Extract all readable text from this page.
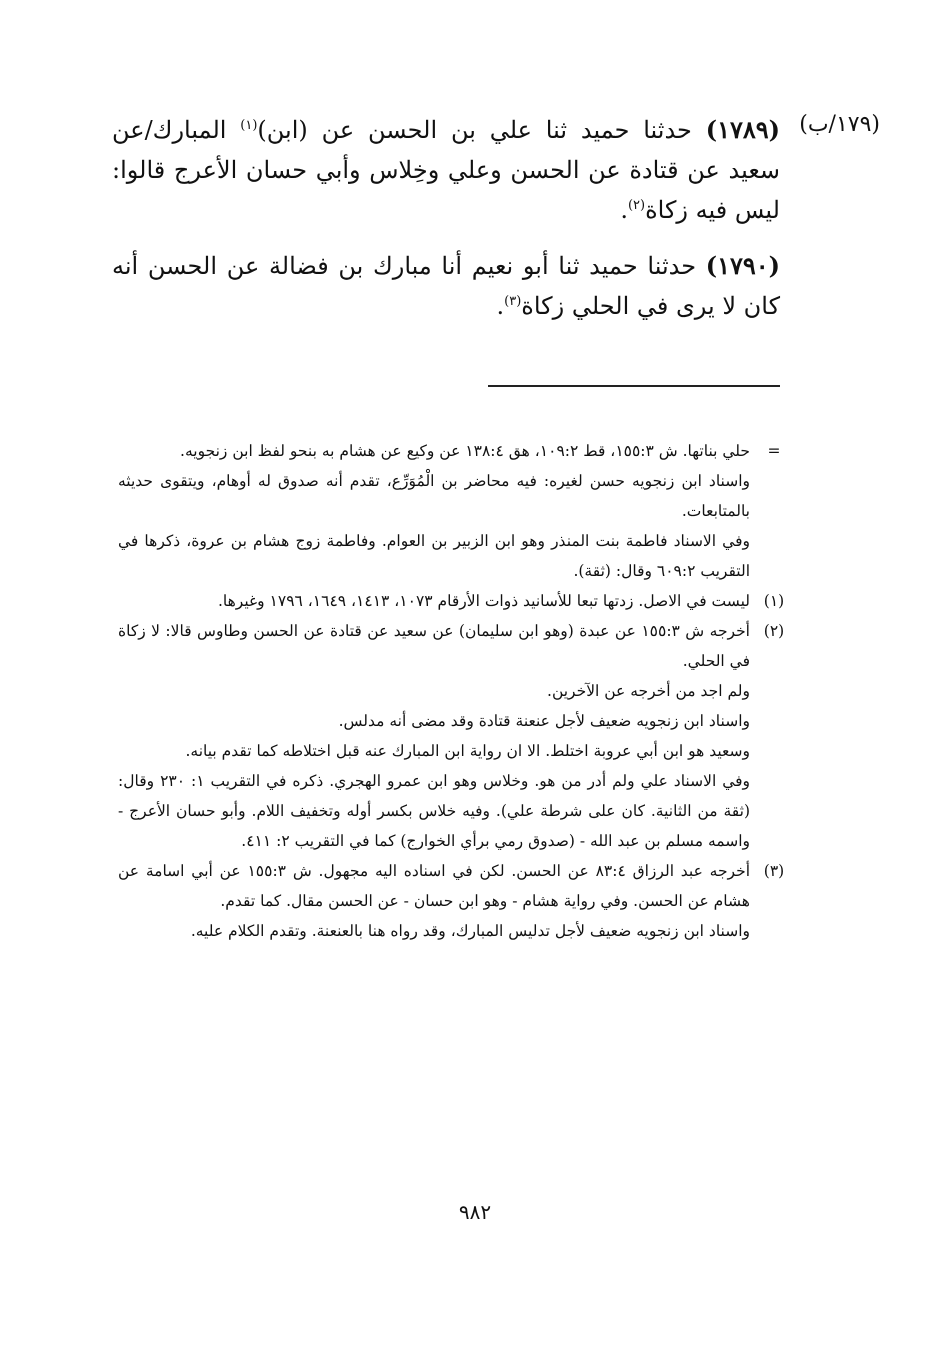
(١٧٩/ب)

(١٧٨٩) حدثنا حميد ثنا علي بن الحسن عن (ابن)$^{(١)}$ المبارك/عن سعيد عن قتادة عن الحسن وعلي وخِلاس وأبي حسان الأعرج قالوا: ليس فيه زكاة$^{(٢)}$.

(١٧٩٠) حدثنا حميد ثنا أبو نعيم أنا مبارك بن فضالة عن الحسن أنه كان لا يرى في الحلي زكاة$^{(٣)}$.

=
حلي بناتها. ش ١٥٥:٣، قط ١٠٩:٢، هق ١٣٨:٤ عن وكيع عن هشام به بنحو لفظ ابن زنجويه.
واسناد ابن زنجويه حسن لغيره: فيه محاضر بن الْمُوَرِّع، تقدم أنه صدوق له أوهام، ويتقوى حديثه بالمتابعات.
وفي الاسناد فاطمة بنت المنذر وهو ابن الزبير بن العوام. وفاطمة زوج هشام بن عروة، ذكرها في التقريب ٦٠٩:٢ وقال: (ثقة).
(١)
ليست في الاصل. زدتها تبعا للأسانيد ذوات الأرقام ١٠٧٣، ١٤١٣، ١٦٤٩، ١٧٩٦ وغيرها.
(٢)
أخرجه ش ١٥٥:٣ عن عبدة (وهو ابن سليمان) عن سعيد عن قتادة عن الحسن وطاوس قالا: لا زكاة في الحلي.
ولم اجد من أخرجه عن الآخرين.
واسناد ابن زنجويه ضعيف لأجل عنعنة قتادة وقد مضى أنه مدلس.
وسعيد هو ابن أبي عروبة اختلط. الا ان رواية ابن المبارك عنه قبل اختلاطه كما تقدم بيانه.
وفي الاسناد علي ولم أدر من هو. وخلاس وهو ابن عمرو الهجري. ذكره في التقريب ١: ٢٣٠ وقال: (ثقة من الثانية. كان على شرطة علي). وفيه خلاس بكسر أوله وتخفيف اللام. وأبو حسان الأعرج - واسمه مسلم بن عبد الله - (صدوق رمي برأي الخوارج) كما في التقريب ٢: ٤١١.
(٣)
أخرجه عبد الرزاق ٨٣:٤ عن الحسن. لكن في اسناده اليه مجهول. ش ١٥٥:٣ عن أبي اسامة عن هشام عن الحسن. وفي رواية هشام - وهو ابن حسان - عن الحسن مقال. كما تقدم.
واسناد ابن زنجويه ضعيف لأجل تدليس المبارك، وقد رواه هنا بالعنعنة. وتقدم الكلام عليه.
٩٨٢
